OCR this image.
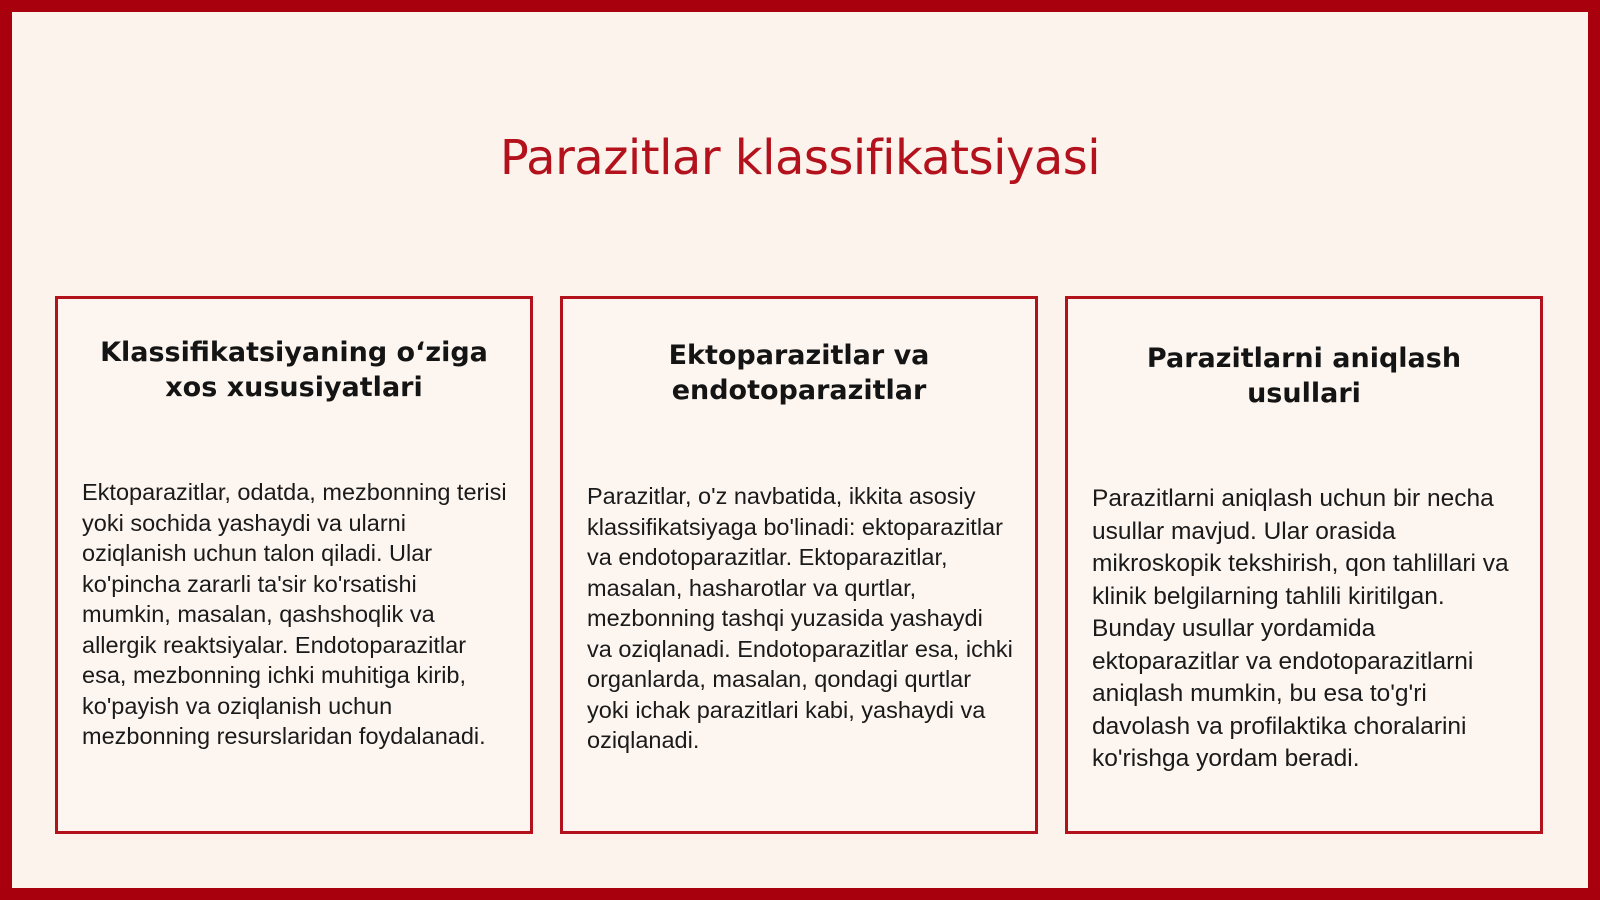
Parazitlar klassifikatsiyasi
Klassifikatsiyaning o‘ziga xos xususiyatlari

Ektoparazitlar, odatda, mezbonning terisi yoki sochida yashaydi va ularni oziqlanish uchun talon qiladi. Ular ko'pincha zararli ta'sir ko'rsatishi mumkin, masalan, qashshoqlik va allergik reaktsiyalar. Endotoparazitlar esa, mezbonning ichki muhitiga kirib, ko'payish va oziqlanish uchun mezbonning resurslaridan foydalanadi.

Ektoparazitlar va endotoparazitlar

Parazitlar, o'z navbatida, ikkita asosiy klassifikatsiyaga bo'linadi: ektoparazitlar va endotoparazitlar. Ektoparazitlar, masalan, hasharotlar va qurtlar, mezbonning tashqi yuzasida yashaydi va oziqlanadi. Endotoparazitlar esa, ichki organlarda, masalan, qondagi qurtlar yoki ichak parazitlari kabi, yashaydi va oziqlanadi.

Parazitlarni aniqlash usullari

Parazitlarni aniqlash uchun bir necha usullar mavjud. Ular orasida mikroskopik tekshirish, qon tahlillari va klinik belgilarning tahlili kiritilgan. Bunday usullar yordamida ektoparazitlar va endotoparazitlarni aniqlash mumkin, bu esa to'g'ri davolash va profilaktika choralarini ko'rishga yordam beradi.
